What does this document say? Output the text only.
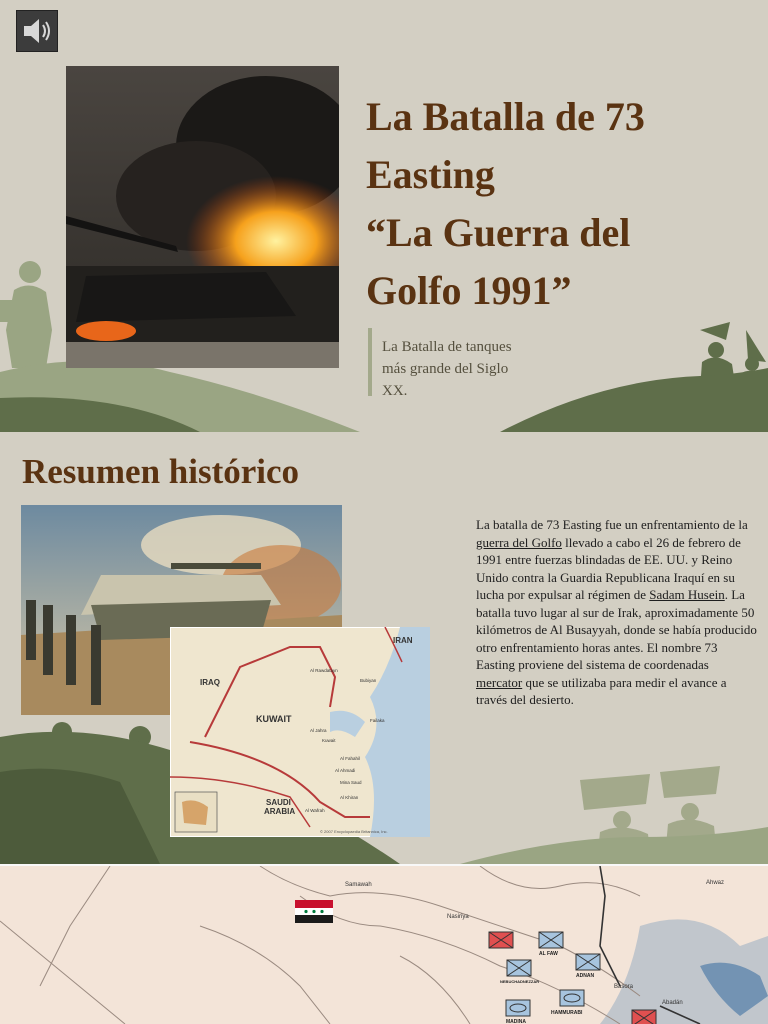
La Batalla de 73
Easting
“La Guerra del
Golfo 1991”
La Batalla de tanques
más grande del Siglo
XX.
Resumen histórico
IRAN
IRAQ
KUWAIT
SAUDI
ARABIA
Al Rawdatayn
Al Jahra
Kuwait
Al Fahahil
Al Ahmadi
Mina Saud
Al Khiran
Al Wafrah
Failaka
Bubiyan
© 2007 Encyclopaedia Britannica, Inc.
La batalla de 73 Easting fue un enfrentamiento de la guerra del Golfo llevado a cabo el 26 de febrero de 1991 entre fuerzas blindadas de EE. UU. y Reino Unido contra la Guardia Republicana Iraquí en su lucha por expulsar al régimen de Sadam Husein. La batalla tuvo lugar al sur de Irak, aproximadamente 50 kilómetros de Al Busayyah, donde se había producido otro enfrentamiento horas antes. El nombre 73 Easting proviene del sistema de coordenadas mercator que se utilizaba para medir el avance a través del desierto.
Samawah
Nasiriya
Ahwaz
Basora
Abadán
AL FAW
ADNAN
NEBUCHADNEZZAR
HAMMURABI
MADINA
